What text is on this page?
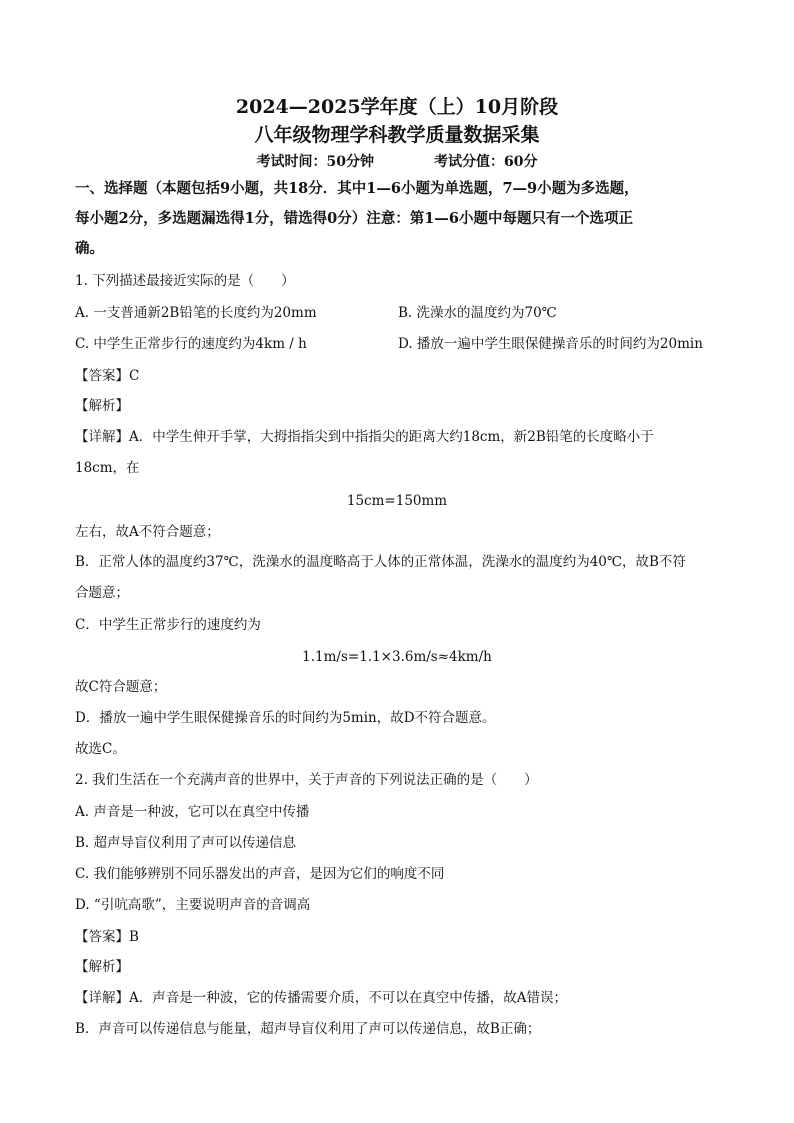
2024—2025学年度（上）10月阶段
八年级物理学科教学质量数据采集
考试时间：50分钟	考试分值：60分
一、选择题（本题包括9小题，共18分．其中1—6小题为单选题，7—9小题为多选题，
每小题2分，多选题漏选得1分，错选得0分）注意：第1—6小题中每题只有一个选项正
确。
1. 下列描述最接近实际的是（　　）
A. 一支普通新2B铅笔的长度约为20mm	B. 洗澡水的温度约为70℃
C. 中学生正常步行的速度约为4km / h	D. 播放一遍中学生眼保健操音乐的时间约为20min
【答案】C
【解析】
【详解】A．中学生伸开手掌，大拇指指尖到中指指尖的距离大约18cm，新2B铅笔的长度略小于
18cm，在
15cm=150mm
左右，故A不符合题意；
B．正常人体的温度约37℃，洗澡水的温度略高于人体的正常体温，洗澡水的温度约为40℃，故B不符
合题意；
C．中学生正常步行的速度约为
1.1m/s=1.1×3.6m/s≈4km/h
故C符合题意；
D．播放一遍中学生眼保健操音乐的时间约为5min，故D不符合题意。
故选C。
2. 我们生活在一个充满声音的世界中，关于声音的下列说法正确的是（　　）
A. 声音是一种波，它可以在真空中传播
B. 超声导盲仪利用了声可以传递信息
C. 我们能够辨别不同乐器发出的声音，是因为它们的响度不同
D. “引吭高歌”，主要说明声音的音调高
【答案】B
【解析】
【详解】A．声音是一种波，它的传播需要介质，不可以在真空中传播，故A错误；
B．声音可以传递信息与能量，超声导盲仪利用了声可以传递信息，故B正确；
